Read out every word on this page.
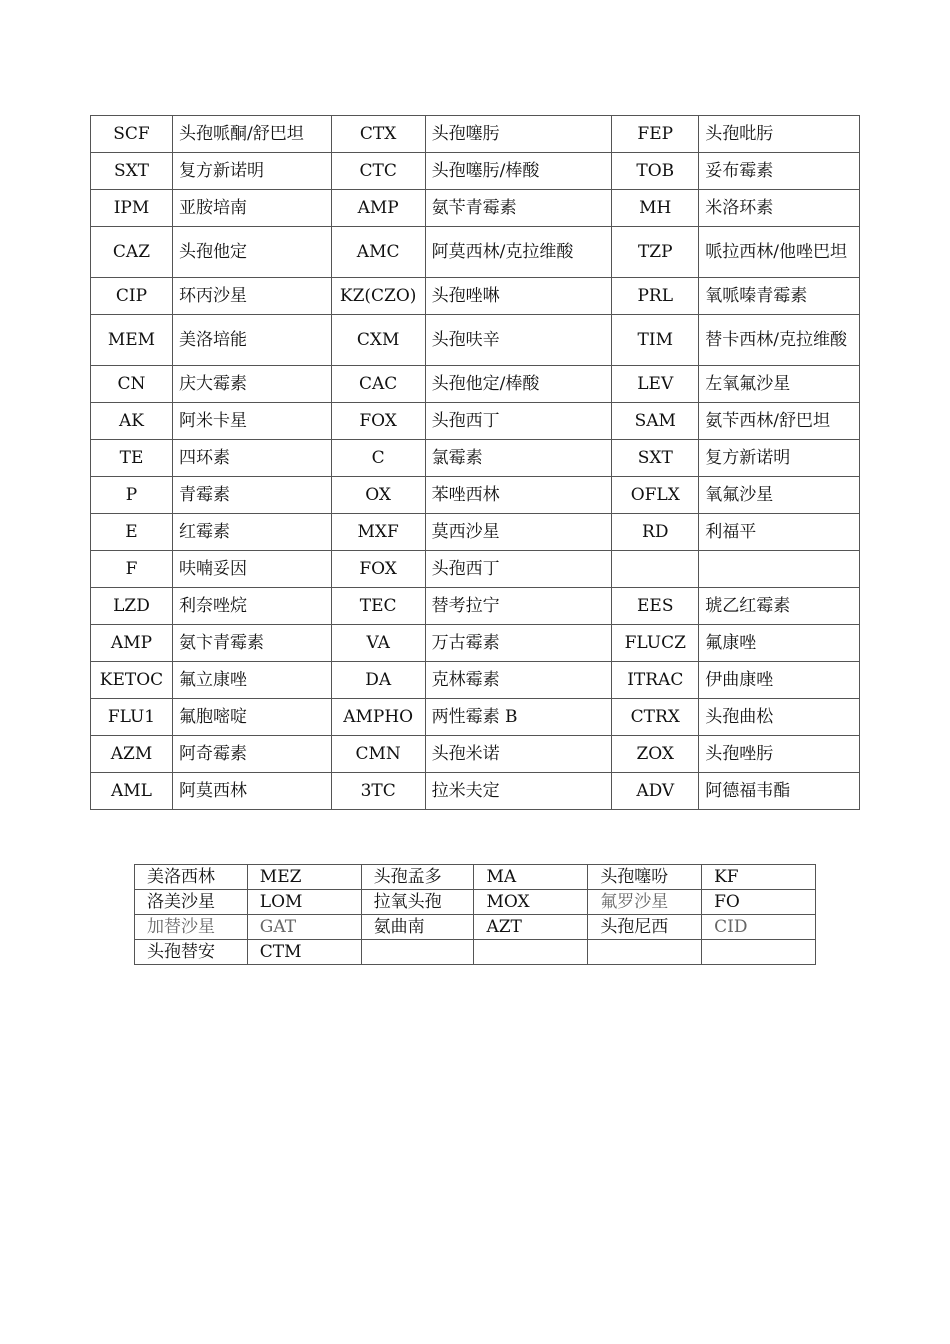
SCF	头孢哌酮/舒巴坦	CTX	头孢噻肟	FEP	头孢吡肟
SXT	复方新诺明	CTC	头孢噻肟/棒酸	TOB	妥布霉素
IPM	亚胺培南	AMP	氨苄青霉素	MH	米洛环素
CAZ	头孢他定	AMC	阿莫西林/克拉维酸	TZP	哌拉西林/他唑巴坦
CIP	环丙沙星	KZ(CZO)	头孢唑啉	PRL	氧哌嗪青霉素
MEM	美洛培能	CXM	头孢呋辛	TIM	替卡西林/克拉维酸
CN	庆大霉素	CAC	头孢他定/棒酸	LEV	左氧氟沙星
AK	阿米卡星	FOX	头孢西丁	SAM	氨苄西林/舒巴坦
TE	四环素	C	氯霉素	SXT	复方新诺明
P	青霉素	OX	苯唑西林	OFLX	氧氟沙星
E	红霉素	MXF	莫西沙星	RD	利福平
F	呋喃妥因	FOX	头孢西丁		
LZD	利奈唑烷	TEC	替考拉宁	EES	琥乙红霉素
AMP	氨卞青霉素	VA	万古霉素	FLUCZ	氟康唑
KETOC	氟立康唑	DA	克林霉素	ITRAC	伊曲康唑
FLU1	氟胞嘧啶	AMPHO	两性霉素 B	CTRX	头孢曲松
AZM	阿奇霉素	CMN	头孢米诺	ZOX	头孢唑肟
AML	阿莫西林	3TC	拉米夫定	ADV	阿德福韦酯
美洛西林	MEZ	头孢孟多	MA	头孢噻吩	KF
洛美沙星	LOM	拉氧头孢	MOX	氟罗沙星	FO
加替沙星	GAT	氨曲南	AZT	头孢尼西	CID
头孢替安	CTM				
